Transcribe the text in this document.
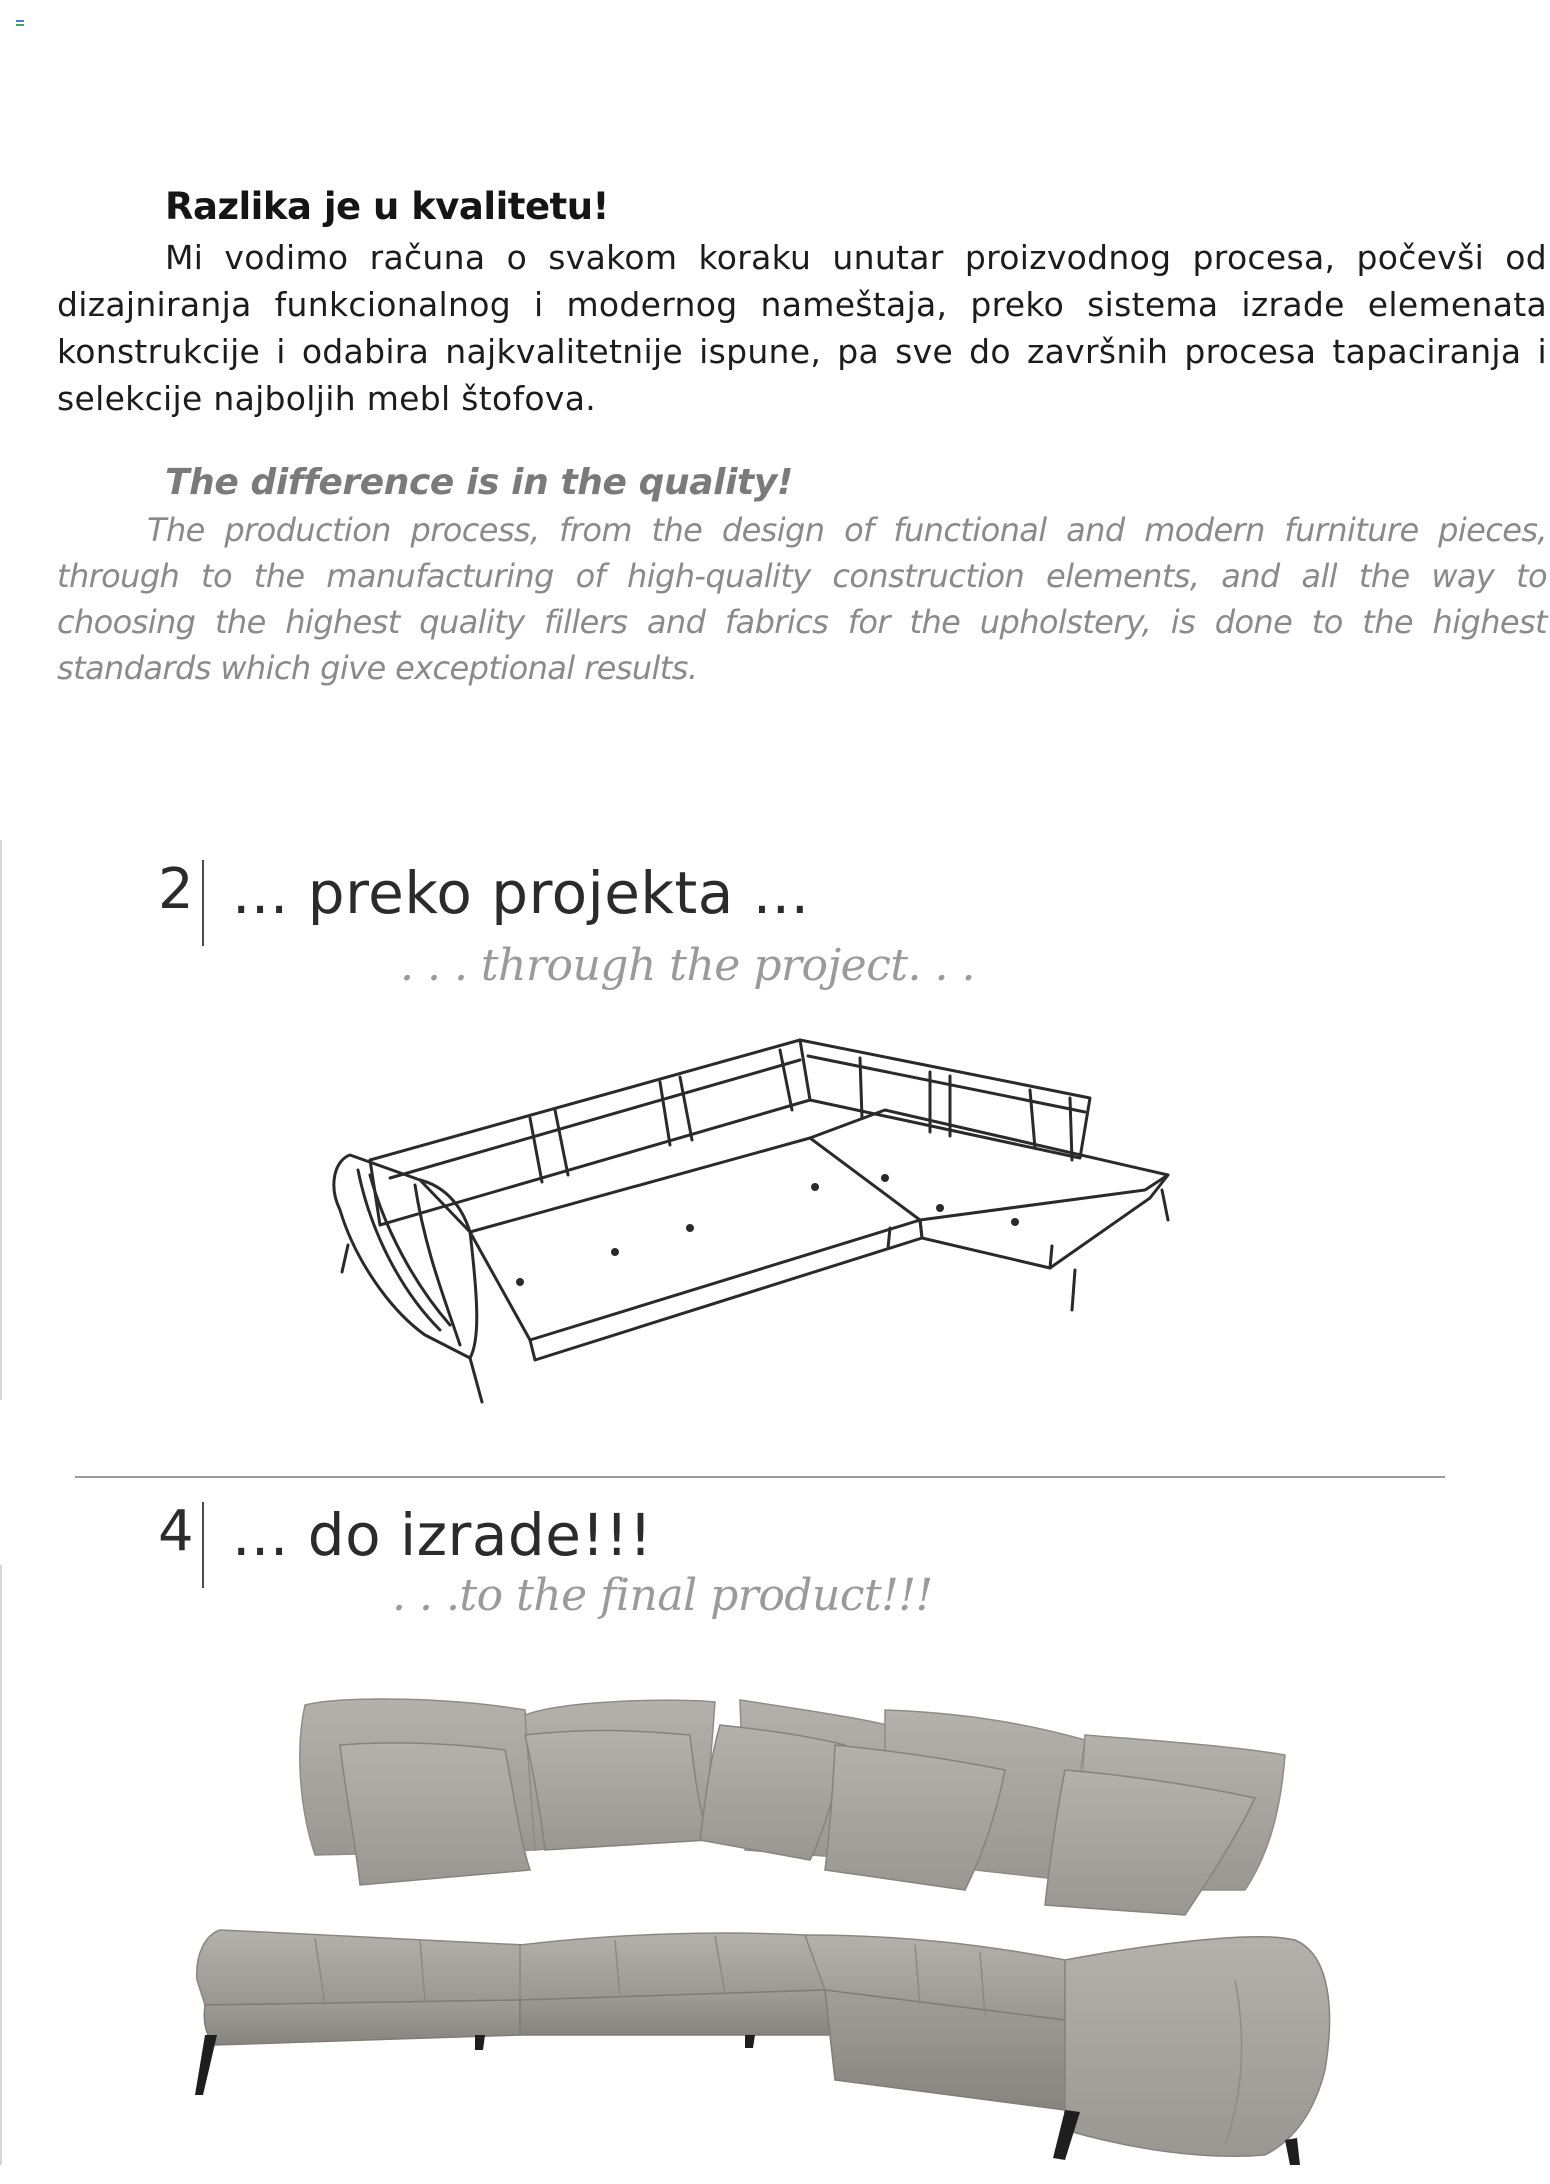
Razlika je u kvalitetu!

Mi vodimo računa o svakom koraku unutar proizvodnog procesa, počevši od dizajniranja funkcionalnog i modernog nameštaja, preko sistema izrade elemenata konstrukcije i odabira najkvalitetnije ispune, pa sve do završnih procesa tapaciranja i selekcije najboljih mebl štofova.

The difference is in the quality!

The production process, from the design of functional and modern furniture pieces, through to the manufacturing of high-quality construction elements, and all the way to choosing the highest quality fillers and fabrics for the upholstery, is done to the highest standards which give exceptional results.

2 ... preko projekta ...
. . . through the project. . .
4 ... do izrade!!!
. . .to the final product!!!
